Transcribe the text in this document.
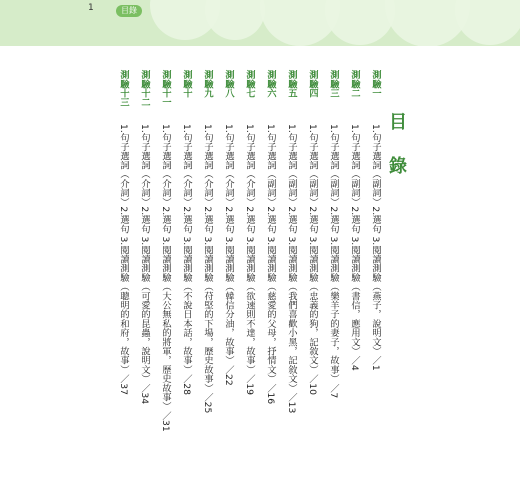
1	目錄
目 錄
測驗一1.句子選詞（副詞）2.選句 3.閱讀測驗（燕子，說明文）／1
測驗二1.句子選詞（副詞）2.選句 3.閱讀測驗（書信，應用文）／4
測驗三1.句子選詞（副詞）2.選句 3.閱讀測驗（樂羊子的妻子，故事）／7
測驗四1.句子選詞（副詞）2.選句 3.閱讀測驗（忠義的狗，記敘文）／10
測驗五1.句子選詞（副詞）2.選句 3.閱讀測驗（我們喜歡小黑，記敘文）／13
測驗六1.句子選詞（副詞）2.選句 3.閱讀測驗（慈愛的父母，抒情文）／16
測驗七1.句子選詞（介詞）2.選句 3.閱讀測驗（欲速則不達，故事）／19
測驗八1.句子選詞（介詞）2.選句 3.閱讀測驗（韓信分油，故事）／22
測驗九1.句子選詞（介詞）2.選句 3.閱讀測驗（苻堅的下場，歷史故事）／25
測驗十1.句子選詞（介詞）2.選句 3.閱讀測驗（不說日本話，故事）／28
測驗十一1.句子選詞（介詞）2.選句 3.閱讀測驗（大公無私的將軍，歷史故事）／31
測驗十二1.句子選詞（介詞）2.選句 3.閱讀測驗（可愛的昆蟲，說明文）／34
測驗十三1.句子選詞（介詞）2.選句 3.閱讀測驗（聰明的和府，故事）／37
